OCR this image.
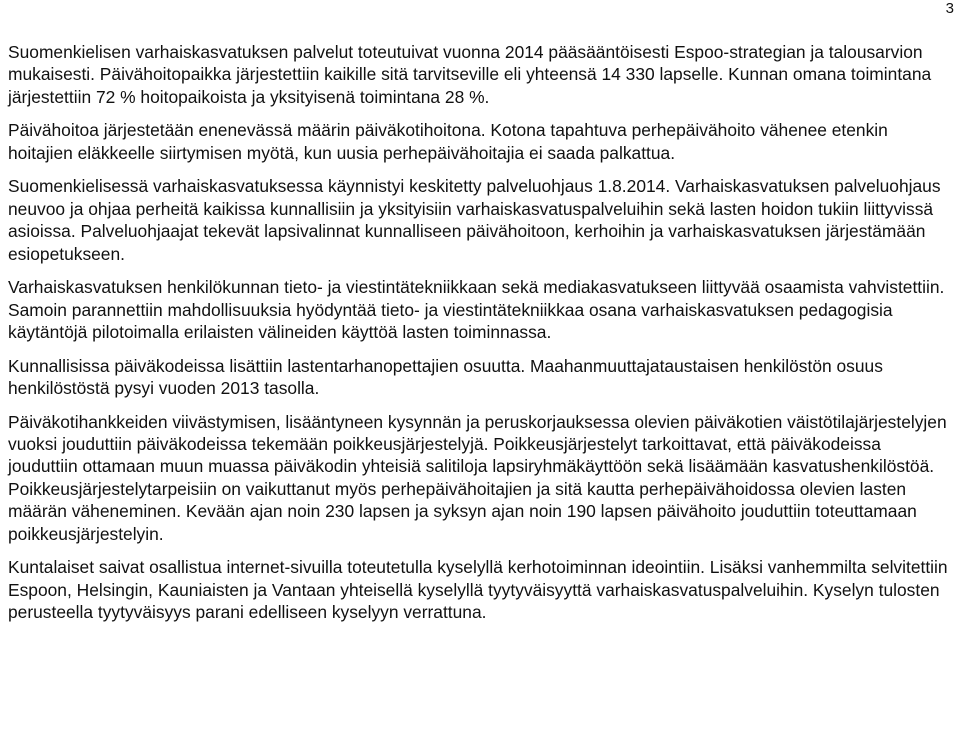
3

Suomenkielisen varhaiskasvatuksen palvelut toteutuivat vuonna 2014 pääsääntöisesti Espoo-strategian ja talousarvion mukaisesti. Päivähoitopaikka järjestettiin kaikille sitä tarvitseville eli yhteensä 14 330 lapselle. Kunnan omana toimintana järjestettiin 72 % hoitopaikoista ja yksityisenä toimintana 28 %.

Päivähoitoa järjestetään enenevässä määrin päiväkotihoitona. Kotona tapahtuva perhepäivähoito vähenee etenkin hoitajien eläkkeelle siirtymisen myötä, kun uusia perhepäivähoitajia ei saada palkattua.

Suomenkielisessä varhaiskasvatuksessa käynnistyi keskitetty palveluohjaus 1.8.2014. Varhaiskasvatuksen palveluohjaus neuvoo ja ohjaa perheitä kaikissa kunnallisiin ja yksityisiin varhaiskasvatuspalveluihin sekä lasten hoidon tukiin liittyvissä asioissa. Palveluohjaajat tekevät lapsivalinnat kunnalliseen päivähoitoon, kerhoihin ja varhaiskasvatuksen järjestämään esiopetukseen.

Varhaiskasvatuksen henkilökunnan tieto- ja viestintätekniikkaan sekä mediakasvatukseen liittyvää osaamista vahvistettiin. Samoin parannettiin mahdollisuuksia hyödyntää tieto- ja viestintätekniikkaa osana varhaiskasvatuksen pedagogisia käytäntöjä pilotoimalla erilaisten välineiden käyttöä lasten toiminnassa.

Kunnallisissa päiväkodeissa lisättiin lastentarhanopettajien osuutta. Maahanmuuttajataustaisen henkilöstön osuus henkilöstöstä pysyi vuoden 2013 tasolla.

Päiväkotihankkeiden viivästymisen, lisääntyneen kysynnän ja peruskorjauksessa olevien päiväkotien väistötilajärjestelyjen vuoksi jouduttiin päiväkodeissa tekemään poikkeusjärjestelyjä. Poikkeusjärjestelyt tarkoittavat, että päiväkodeissa jouduttiin ottamaan muun muassa päiväkodin yhteisiä salitiloja lapsiryhmäkäyttöön sekä lisäämään kasvatushenkilöstöä. Poikkeusjärjestelytarpeisiin on vaikuttanut myös perhepäivähoitajien ja sitä kautta perhepäivähoidossa olevien lasten määrän väheneminen. Kevään ajan noin 230 lapsen ja syksyn ajan noin 190 lapsen päivähoito jouduttiin toteuttamaan poikkeusjärjestelyin.

Kuntalaiset saivat osallistua internet-sivuilla toteutetulla kyselyllä kerhotoiminnan ideointiin. Lisäksi vanhemmilta selvitettiin Espoon, Helsingin, Kauniaisten ja Vantaan yhteisellä kyselyllä tyytyväisyyttä varhaiskasvatuspalveluihin. Kyselyn tulosten perusteella tyytyväisyys parani edelliseen kyselyyn verrattuna.
